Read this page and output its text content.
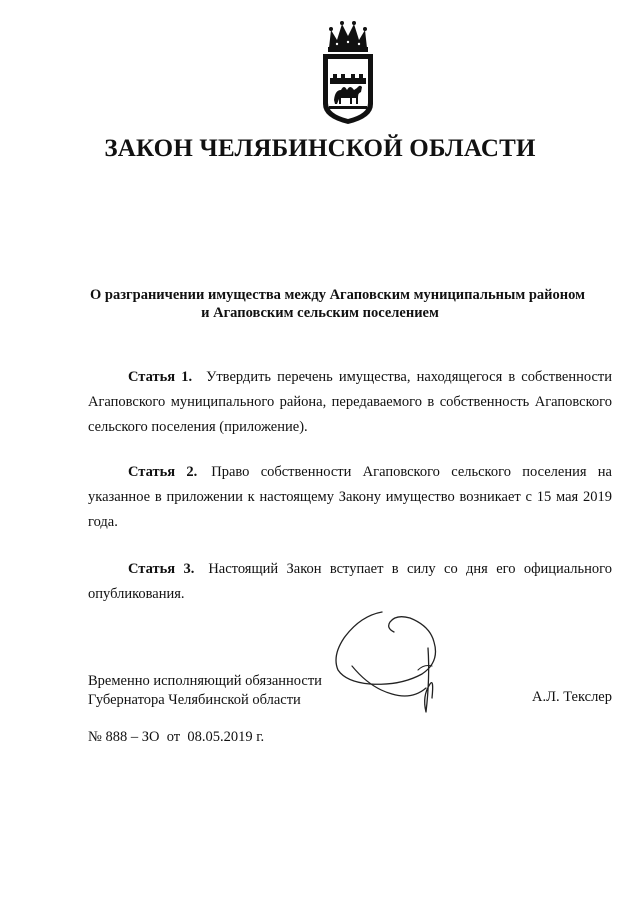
ЗАКОН ЧЕЛЯБИНСКОЙ ОБЛАСТИ
О разграничении имущества между Агаповским муниципальным районом
и Агаповским сельским поселением

Статья 1. Утвердить перечень имущества, находящегося в собственности Агаповского муниципального района, передаваемого в собственность Агаповского сельского поселения (приложение).

Статья 2. Право собственности Агаповского сельского поселения на указанное в приложении к настоящему Закону имущество возникает с 15 мая 2019 года.

Статья 3. Настоящий Закон вступает в силу со дня его официального опубликования.

Временно исполняющий обязанности
Губернатора Челябинской области	А.Л. Текслер
№ 888 – ЗО  от  08.05.2019 г.
